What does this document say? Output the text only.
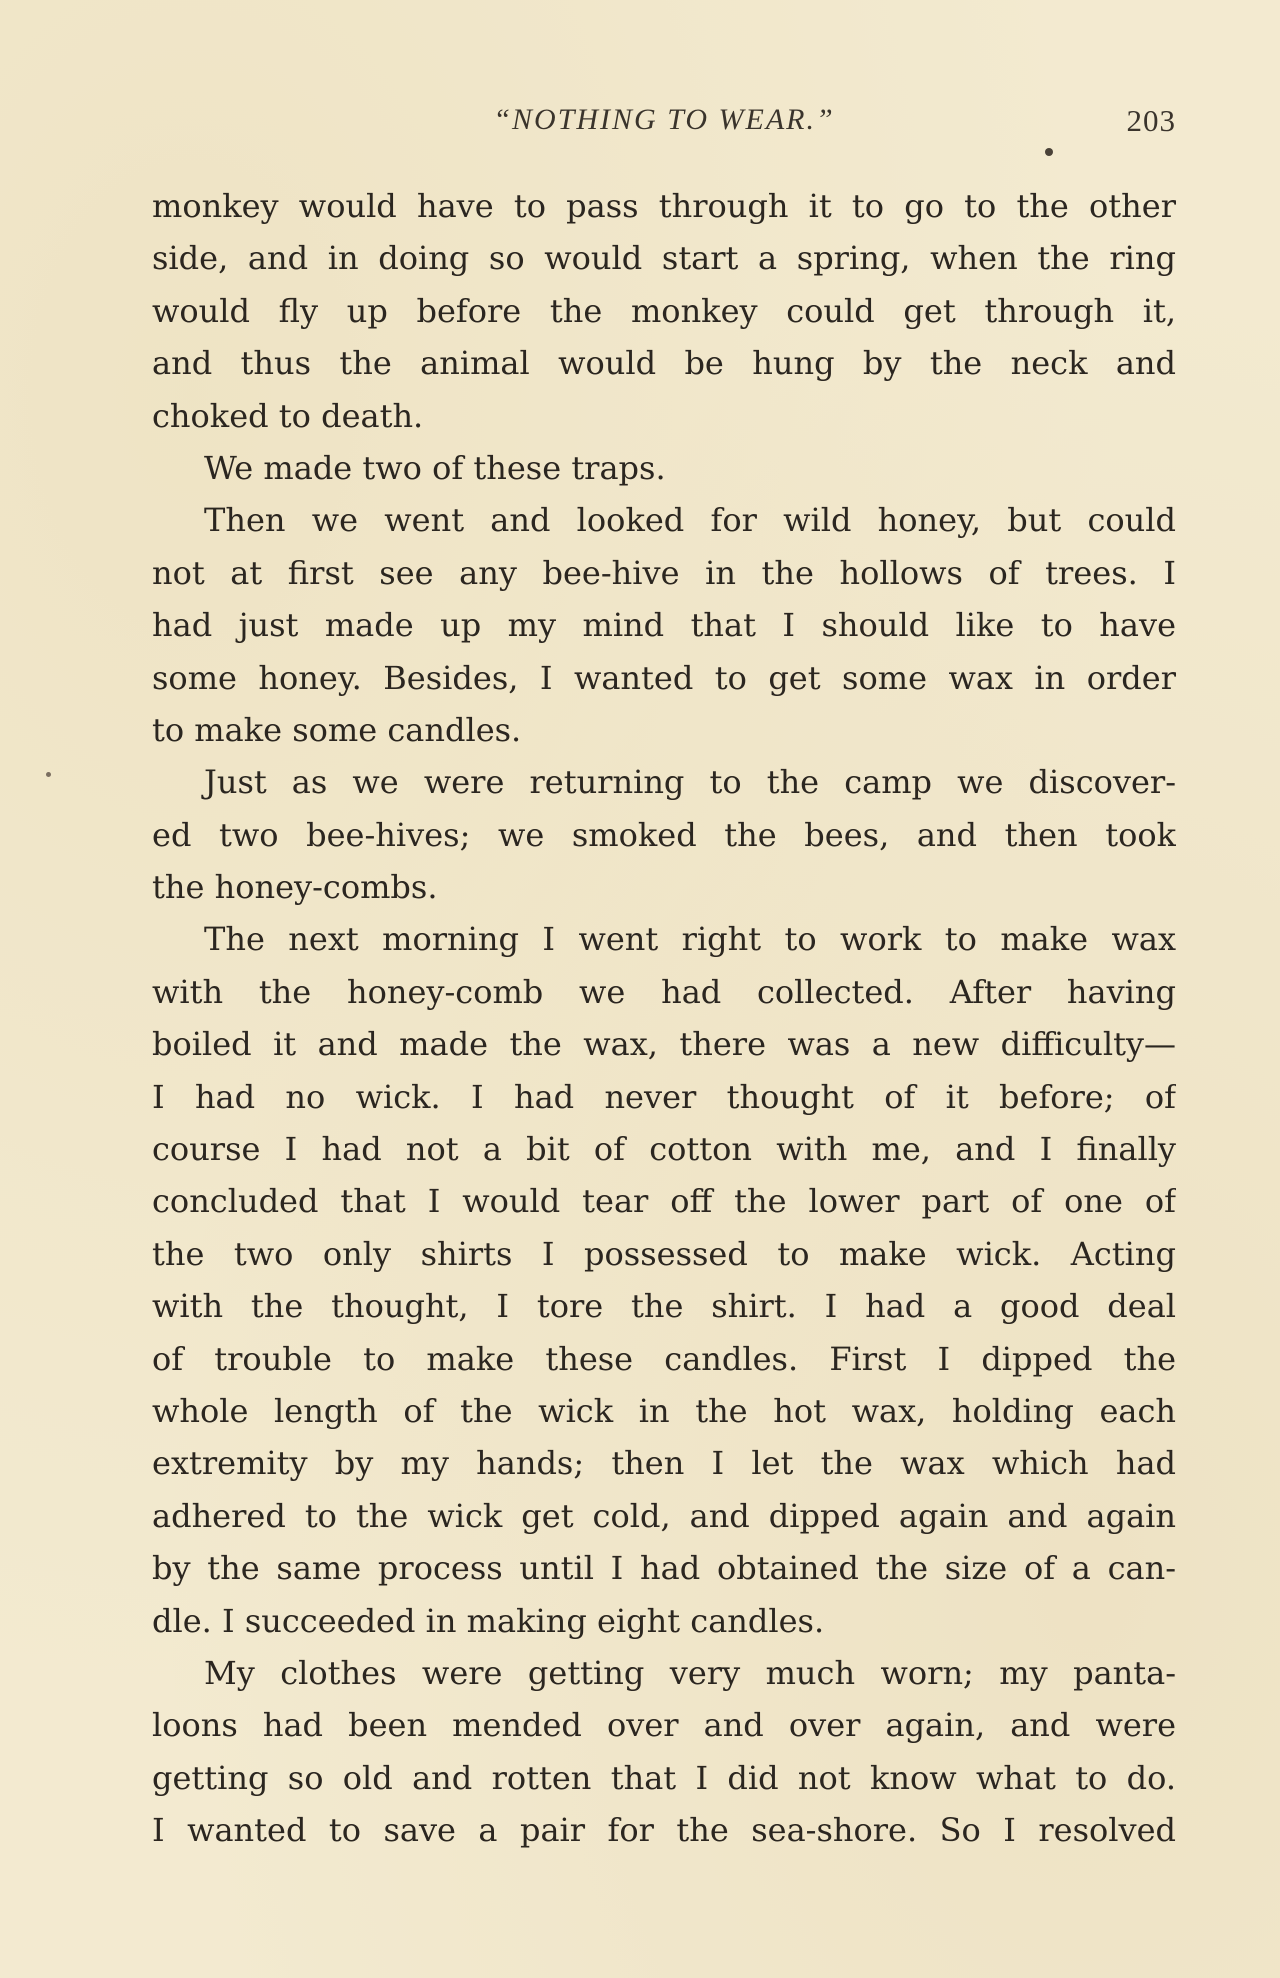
“NOTHING TO WEAR.”	203
monkey would have to pass through it to go to the other
side, and in doing so would start a spring, when the ring
would fly up before the monkey could get through it,
and thus the animal would be hung by the neck and
choked to death.
We made two of these traps.
Then we went and looked for wild honey, but could
not at first see any bee-hive in the hollows of trees. I
had just made up my mind that I should like to have
some honey. Besides, I wanted to get some wax in order
to make some candles.
Just as we were returning to the camp we discover-
ed two bee-hives; we smoked the bees, and then took
the honey-combs.
The next morning I went right to work to make wax
with the honey-comb we had collected. After having
boiled it and made the wax, there was a new difficulty—
I had no wick. I had never thought of it before; of
course I had not a bit of cotton with me, and I finally
concluded that I would tear off the lower part of one of
the two only shirts I possessed to make wick. Acting
with the thought, I tore the shirt. I had a good deal
of trouble to make these candles. First I dipped the
whole length of the wick in the hot wax, holding each
extremity by my hands; then I let the wax which had
adhered to the wick get cold, and dipped again and again
by the same process until I had obtained the size of a can-
dle. I succeeded in making eight candles.
My clothes were getting very much worn; my panta-
loons had been mended over and over again, and were
getting so old and rotten that I did not know what to do.
I wanted to save a pair for the sea-shore. So I resolved
